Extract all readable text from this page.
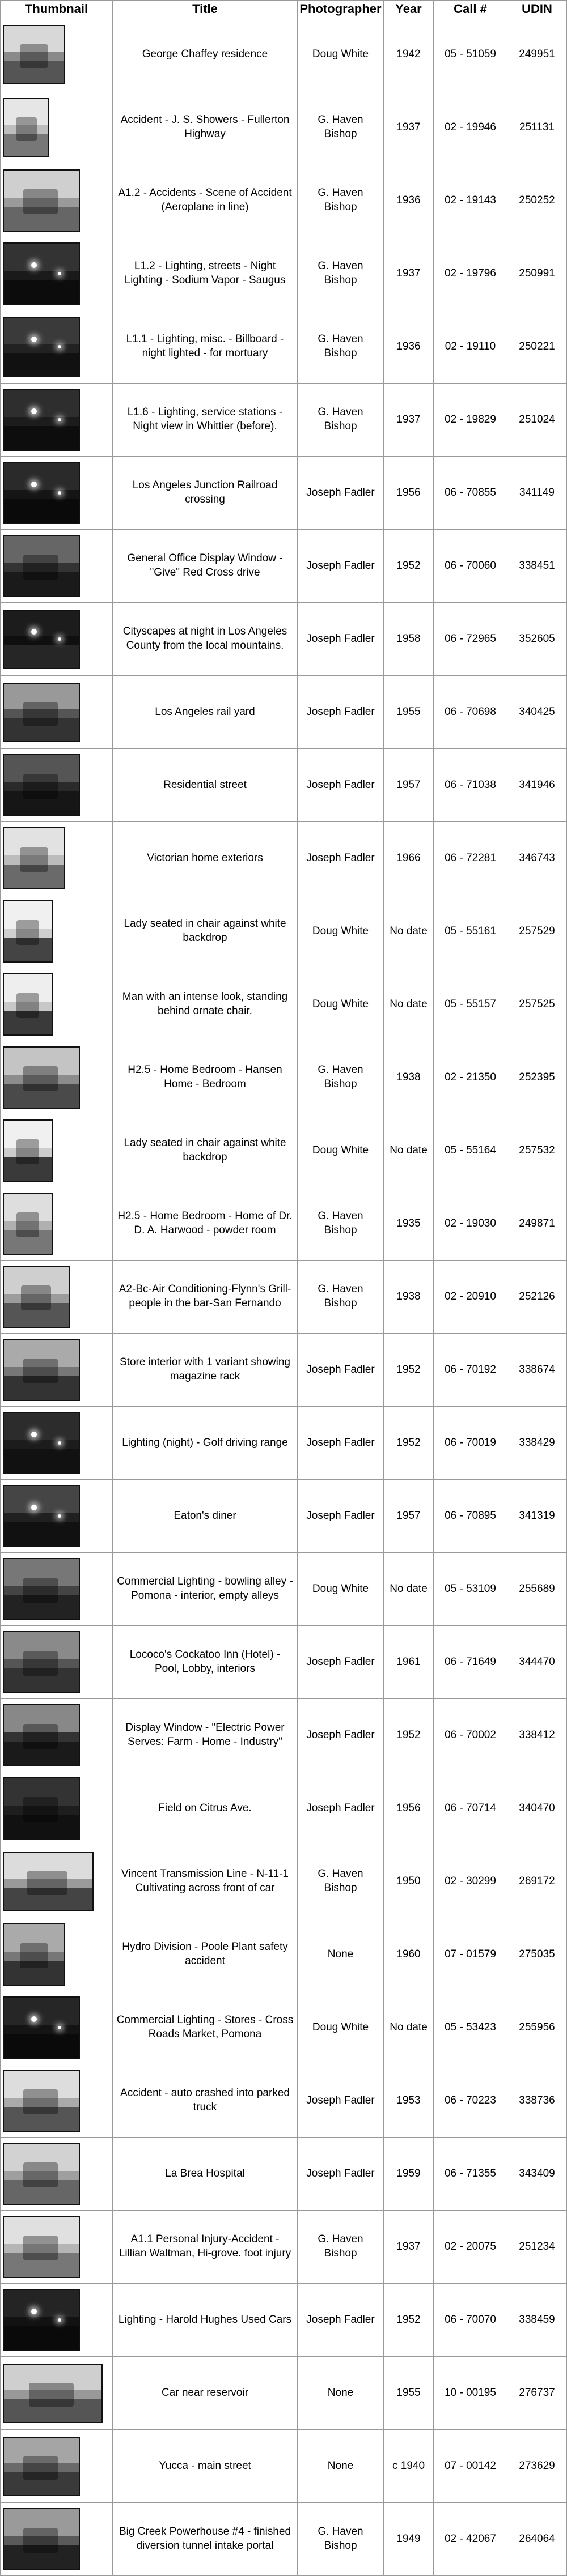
Thumbnail	Title	Photographer	Year	Call #	UDIN

	George Chaffey residence	Doug White	1942	05 - 51059	249951

	Accident - J. S. Showers - Fullerton Highway	G. Haven Bishop	1937	02 - 19946	251131

	A1.2 - Accidents - Scene of Accident (Aeroplane in line)	G. Haven Bishop	1936	02 - 19143	250252

	L1.2 - Lighting, streets - Night Lighting - Sodium Vapor - Saugus	G. Haven Bishop	1937	02 - 19796	250991

	L1.1 - Lighting, misc. - Billboard - night lighted - for mortuary	G. Haven Bishop	1936	02 - 19110	250221

	L1.6 - Lighting, service stations - Night view in Whittier (before).	G. Haven Bishop	1937	02 - 19829	251024

	Los Angeles Junction Railroad crossing	Joseph Fadler	1956	06 - 70855	341149

	General Office Display Window - "Give" Red Cross drive	Joseph Fadler	1952	06 - 70060	338451

	Cityscapes at night in Los Angeles County from the local mountains.	Joseph Fadler	1958	06 - 72965	352605

	Los Angeles rail yard	Joseph Fadler	1955	06 - 70698	340425

	Residential street	Joseph Fadler	1957	06 - 71038	341946

	Victorian home exteriors	Joseph Fadler	1966	06 - 72281	346743

	Lady seated in chair against white backdrop	Doug White	No date	05 - 55161	257529

	Man with an intense look, standing behind ornate chair.	Doug White	No date	05 - 55157	257525

	H2.5 - Home Bedroom - Hansen Home - Bedroom	G. Haven Bishop	1938	02 - 21350	252395

	Lady seated in chair against white backdrop	Doug White	No date	05 - 55164	257532

	H2.5 - Home Bedroom - Home of Dr. D. A. Harwood - powder room	G. Haven Bishop	1935	02 - 19030	249871

	A2-Bc-Air Conditioning-Flynn's Grill-people in the bar-San Fernando	G. Haven Bishop	1938	02 - 20910	252126

	Store interior with 1 variant showing magazine rack	Joseph Fadler	1952	06 - 70192	338674

	Lighting (night) - Golf driving range	Joseph Fadler	1952	06 - 70019	338429

	Eaton's diner	Joseph Fadler	1957	06 - 70895	341319

	Commercial Lighting - bowling alley - Pomona - interior, empty alleys	Doug White	No date	05 - 53109	255689

	Lococo's Cockatoo Inn (Hotel) - Pool, Lobby, interiors	Joseph Fadler	1961	06 - 71649	344470

	Display Window - "Electric Power Serves: Farm - Home - Industry"	Joseph Fadler	1952	06 - 70002	338412

	Field on Citrus Ave.	Joseph Fadler	1956	06 - 70714	340470

	Vincent Transmission Line - N-11-1 Cultivating across front of car	G. Haven Bishop	1950	02 - 30299	269172

	Hydro Division - Poole Plant safety accident	None	1960	07 - 01579	275035

	Commercial Lighting - Stores - Cross Roads Market, Pomona	Doug White	No date	05 - 53423	255956

	Accident - auto crashed into parked truck	Joseph Fadler	1953	06 - 70223	338736

	La Brea Hospital	Joseph Fadler	1959	06 - 71355	343409

	A1.1 Personal Injury-Accident - Lillian Waltman, Hi-grove. foot injury	G. Haven Bishop	1937	02 - 20075	251234

	Lighting - Harold Hughes Used Cars	Joseph Fadler	1952	06 - 70070	338459

	Car near reservoir	None	1955	10 - 00195	276737

	Yucca - main street	None	c 1940	07 - 00142	273629

	Big Creek Powerhouse #4 - finished diversion tunnel intake portal	G. Haven Bishop	1949	02 - 42067	264064
